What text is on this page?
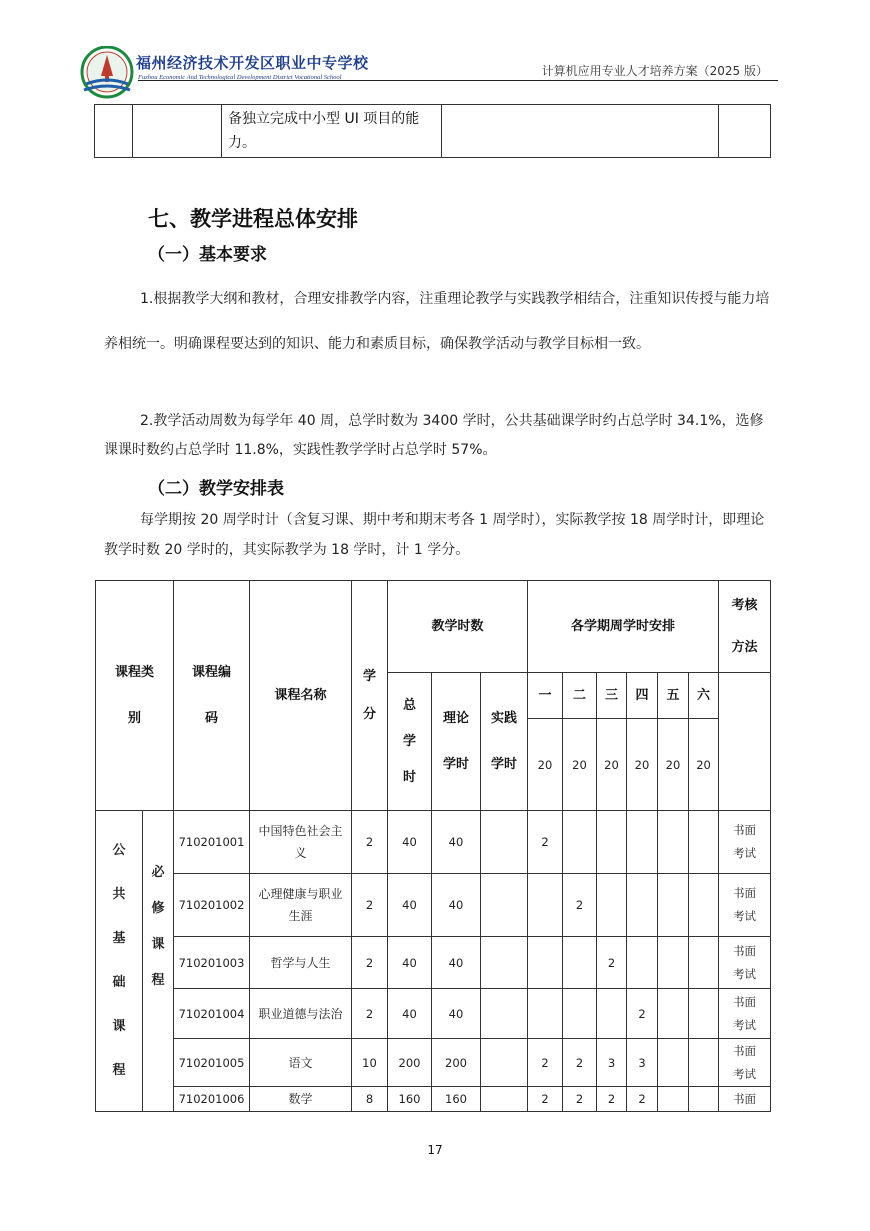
福州经济技术开发区职业中专学校
Fuzhou Economic And Technological Development District Vocational School	计算机应用专业人才培养方案（2025 版）
		备独立完成中小型 UI 项目的能力。		
七、教学进程总体安排
（一）基本要求

1.根据教学大纲和教材，合理安排教学内容，注重理论教学与实践教学相结合，注重知识传授与能力培养相统一。明确课程要达到的知识、能力和素质目标，确保教学活动与教学目标相一致。

2.教学活动周数为每学年 40 周，总学时数为 3400 学时，公共基础课学时约占总学时 34.1%，选修课课时数约占总学时 11.8%，实践性教学学时占总学时 57%。

（二）教学安排表

每学期按 20 周学时计（含复习课、期中考和期末考各 1 周学时），实际教学按 18 周学时计，即理论教学时数 20 学时的，其实际教学为 18 学时，计 1 学分。

课程类别		课程编码	课程名称	学分	教学时数			各学期周学时安排						考核方法

					总学时	理论学时	实践学时	一	二	三	四	五	六	
								20	20	20	20	20	20	

公共基础课程	必修课程	710201001	中国特色社会主义	2	40	40		2						书面考试

		710201002	心理健康与职业生涯	2	40	40			2					书面考试

		710201003	哲学与人生	2	40	40				2				书面考试

		710201004	职业道德与法治	2	40	40					2			书面考试

		710201005	语文	10	200	200		2	2	3	3			书面考试

		710201006	数学	8	160	160		2	2	2	2			书面
17
